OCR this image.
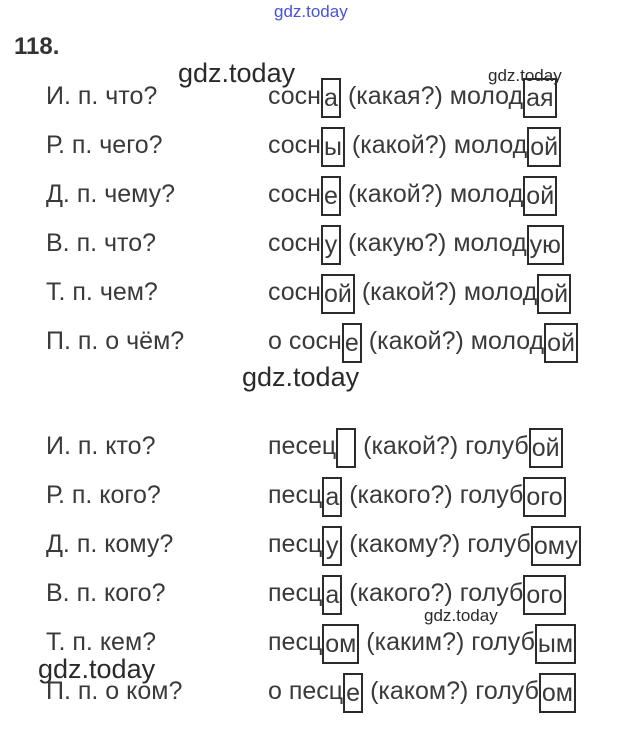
gdz.today
118.
gdz.today	gdz.today
gdz.today
gdz.today
gdz.today
И. п. что?	сосн а (какая?) молод ая
Р. п. чего?	сосн ы (какой?) молод ой
Д. п. чему?	сосн е (какой?) молод ой
В. п. что?	сосн у (какую?) молод ую
Т. п. чем?	сосн ой (какой?) молод ой
П. п. о чём?	о сосн е (какой?) молод ой
И. п. кто?	песец  (какой?) голуб ой
Р. п. кого?	песц а (какого?) голуб ого
Д. п. кому?	песц у (какому?) голуб ому
В. п. кого?	песц а (какого?) голуб ого
Т. п. кем?	песц ом (каким?) голуб ым
П. п. о ком?	о песц е (каком?) голуб ом
